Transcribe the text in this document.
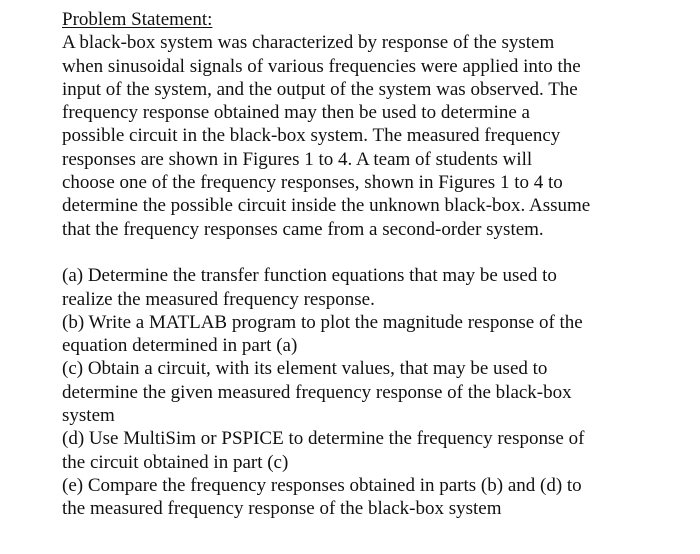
Problem Statement:
A black-box system was characterized by response of the system
when sinusoidal signals of various frequencies were applied into the
input of the system, and the output of the system was observed. The
frequency response obtained may then be used to determine a
possible circuit in the black-box system. The measured frequency
responses are shown in Figures 1 to 4. A team of students will
choose one of the frequency responses, shown in Figures 1 to 4 to
determine the possible circuit inside the unknown black-box. Assume
that the frequency responses came from a second-order system.
(a) Determine the transfer function equations that may be used to
realize the measured frequency response.
(b) Write a MATLAB program to plot the magnitude response of the
equation determined in part (a)
(c) Obtain a circuit, with its element values, that may be used to
determine the given measured frequency response of the black-box
system
(d) Use MultiSim or PSPICE to determine the frequency response of
the circuit obtained in part (c)
(e) Compare the frequency responses obtained in parts (b) and (d) to
the measured frequency response of the black-box system
